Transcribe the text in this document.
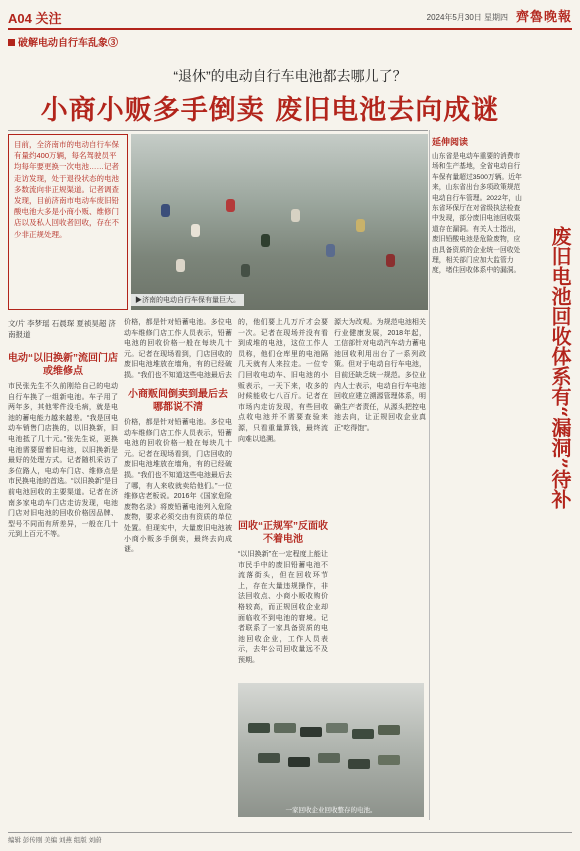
A04 关注	2024年5月30日 星期四 齊魯晚報
破解电动自行车乱象③
“退休”的电动自行车电池都去哪儿了？
小商小贩多手倒卖 废旧电池去向成谜
目前，全济南市的电动自行车保有量约400万辆，每名驾驶员平均每年要更换一次电池……记者走访发现，处于退役状态的电池多数流向非正规渠道。记者调查发现，目前济南市电动车废旧铅酸电池大多是小商小贩、维修门店以及私人回收者回收，存在不少非正规处理。
▶济南的电动自行车保有量巨大。
延伸阅读
山东省是电动车重要的消费市场和生产基地，全省电动自行车保有量超过3500万辆。近年来，山东省出台多项政策规范电动自行车管理。2022年，山东省环保厅在对省级执法检查中发现，部分废旧电池回收渠道存在漏洞。有关人士指出，废旧铅酸电池是危险废物，应由具备资质的企业统一回收处理，相关部门应加大监管力度，堵住回收体系中的漏洞。	废旧电池回收体系有“漏洞”待补
文/片 李梦瑶 石晨琛 夏祯昊超 济南报道
电动“以旧换新”流回门店或维修点
市民张先生不久前刚给自己的电动自行车换了一组新电池。车子用了两年多，其他零件没毛病，就是电池的蓄电能力越来越差。“我是回电动车销售门店换的，以旧换新，旧电池抵了几十元。”张先生说，更换电池需要留着旧电池，以旧换新是最好的处理方式。记者随机采访了多位路人，电动车门店、维修点是市民换电池的首选。“以旧换新”是目前电池回收的主要渠道。记者在济南多家电动车门店走访发现，电池门店对旧电池的回收价格因品牌、型号不同而有所差异，一般在几十元到上百元不等。
价格，都是针对铅蓄电池。多位电动车维修门店工作人员表示，铅蓄电池的回收价格一般在每块几十元。记者在现场看到，门店回收的废旧电池堆放在墙角，有的已经破损。“我们也不知道这些电池最后去
小商贩间倒卖到最后去哪都说不清
价格，都是针对铅蓄电池。多位电动车维修门店工作人员表示，铅蓄电池的回收价格一般在每块几十元。记者在现场看到，门店回收的废旧电池堆放在墙角，有的已经破损。“我们也不知道这些电池最后去了哪，有人来收就卖给他们。”一位维修店老板说。2016年《国家危险废物名录》将废铅蓄电池列入危险废物，要求必须交由有资质的单位处置。但现实中，大量废旧电池被小商小贩多手倒卖，最终去向成谜。
的，他们要上几万斤才会要一次。记者在现场并没有看到成堆的电池，这位工作人员称，他们仓库里的电池隔几天就有人来拉走。一位专门回收电动车、旧电池的小贩表示，一天下来，收多的时候能收七八百斤。记者在市场内走访发现，有些回收点收电池并不需要查验来源，只看重量算钱，最终流向难以追溯。
回收“正规军”反面收不着电池
“以旧换新”在一定程度上能让市民手中的废旧铅蓄电池不流落街头，但在回收环节上，存在大量违规操作，非法回收点、小商小贩收购价格较高，而正规回收企业却面临收不到电池的窘境。记者联系了一家具备资质的电池回收企业，工作人员表示，去年公司回收量远不及预期。
源大为改观。为规范电池相关行业健康发展，2018年起，工信部针对电动汽车动力蓄电池回收利用出台了一系列政策。但对于电动自行车电池，目前还缺乏统一规范。多位业内人士表示，电动自行车电池回收应建立溯源管理体系，明确生产者责任，从源头把控电池去向，让正规回收企业真正“吃得饱”。
一家回收企业回收整存的电池。
编辑 彭传刚 美编 刘燕 组版 刘蔚
